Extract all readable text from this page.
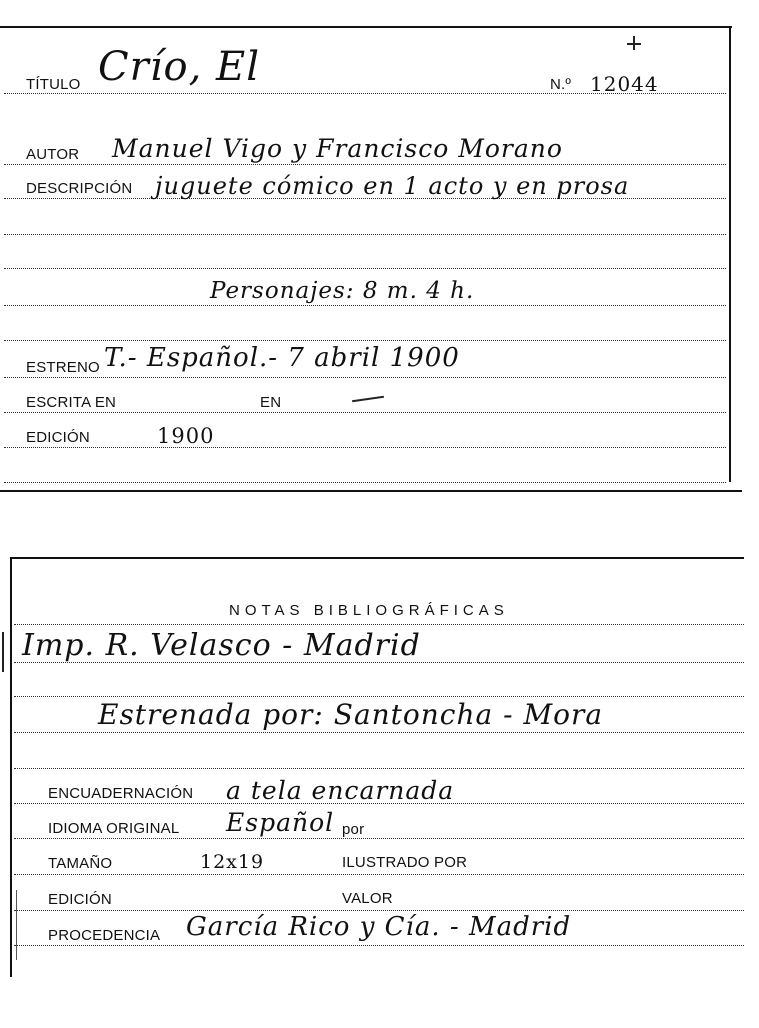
TÍTULO Crío, El	N.º 12044
AUTOR Manuel Vigo y Francisco Morano
DESCRIPCIÓN juguete cómico en 1 acto y en prosa
Personajes: 8 m. 4 h.
ESTRENO T.- Español.- 7 abril 1900
ESCRITA EN	EN
EDICIÓN	1900
NOTAS BIBLIOGRÁFICAS
Imp. R. Velasco - Madrid
Estrenada por: Santoncha - Mora
ENCUADERNACIÓN a tela encarnada
IDIOMA ORIGINAL Español por
TAMAÑO	12x19	ILUSTRADO POR
EDICIÓN	VALOR
PROCEDENCIA García Rico y Cía. - Madrid
